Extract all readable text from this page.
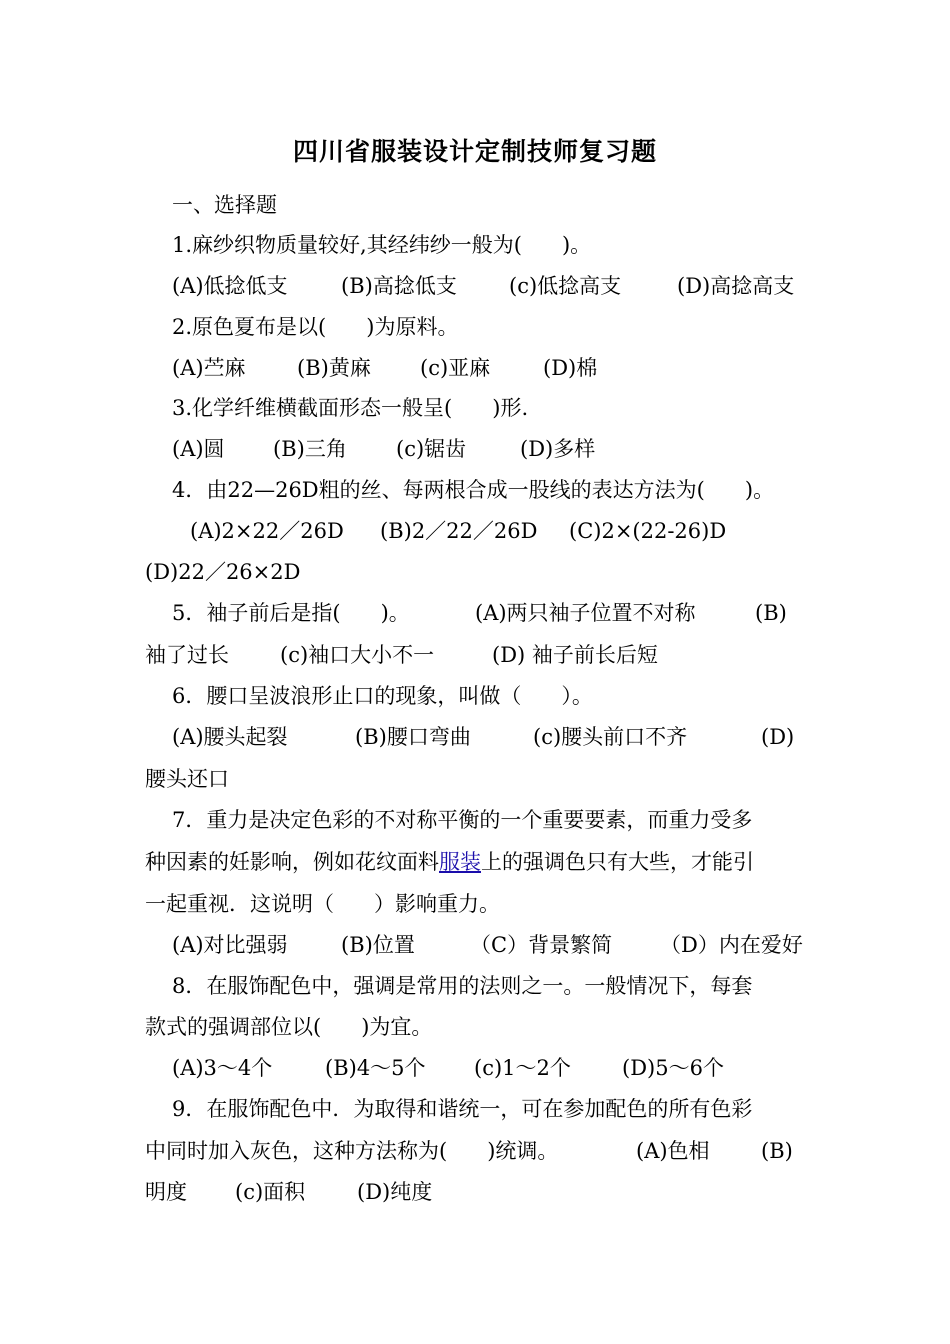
四川省服装设计定制技师复习题
一、选择题
1.麻纱织物质量较好,其经纬纱一般为(      )。
(A)低捻低支	(B)高捻低支 (c)低捻高支	(D)高捻高支
2.原色夏布是以(      )为原料。
(A)苎麻 (B)黄麻 (c)亚麻	(D)棉
3.化学纤维横截面形态一般呈(      )形.
(A)圆 (B)三角 (c)锯齿	(D)多样
4．由22—26D粗的丝、每两根合成一股线的表达方法为(      )。
(A)2×22／26D (B)2／22／26D (C)2×(22-26)D
(D)22／26×2D
5．袖子前后是指(      )。	(A)两只袖子位置不对称	(B)
袖了过长 (c)袖口大小不一	(D) 袖子前长后短
6．腰口呈波浪形止口的现象，叫做（      ）。
(A)腰头起裂	(B)腰口弯曲	(c)腰头前口不齐	(D)
腰头还口
7．重力是决定色彩的不对称平衡的一个重要要素，而重力受多
种因素的妊影响，例如花纹面料服装上的强调色只有大些，才能引
一起重视．这说明（      ）影响重力。
(A)对比强弱	(B)位置	（C）背景繁简 （D）内在爱好
8．在服饰配色中，强调是常用的法则之一。一般情况下，每套
款式的强调部位以(      )为宜。
(A)3～4个	(B)4～5个 (c)1～2个 (D)5～6个
9．在服饰配色中．为取得和谐统一，可在参加配色的所有色彩
中同时加入灰色，这种方法称为(      )统调。	(A)色相 (B)
明度 (c)面积 (D)纯度
